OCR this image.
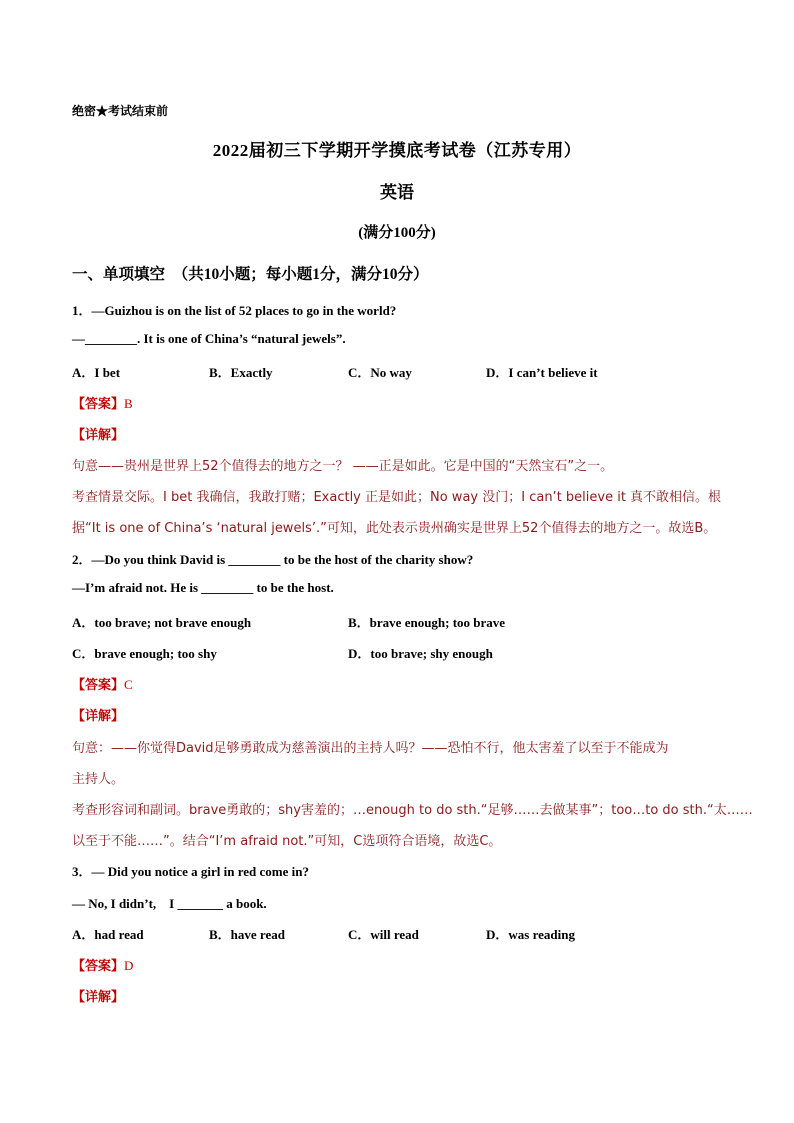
绝密★考试结束前
2022届初三下学期开学摸底考试卷（江苏专用）
英语
(满分100分)
一、单项填空　（共10小题；每小题1分，满分10分）
1．—Guizhou is on the list of 52 places to go in the world?
—________. It is one of China’s “natural jewels”.
A．I bet	B．Exactly	C．No way	D．I can’t believe it
【答案】B
【详解】
句意——贵州是世界上52个值得去的地方之一？ ——正是如此。它是中国的“天然宝石”之一。
考查情景交际。I bet 我确信，我敢打赌；Exactly 正是如此；No way 没门；I can’t believe it 真不敢相信。根
据“It is one of China’s ‘natural jewels’.”可知，此处表示贵州确实是世界上52个值得去的地方之一。故选B。
2．—Do you think David is ________ to be the host of the charity show?
—I’m afraid not. He is ________ to be the host.
A．too brave; not brave enough	B．brave enough; too brave
C．brave enough; too shy	D．too brave; shy enough
【答案】C
【详解】
句意：——你觉得David足够勇敢成为慈善演出的主持人吗？——恐怕不行，他太害羞了以至于不能成为
主持人。
考查形容词和副词。brave勇敢的；shy害羞的；…enough to do sth.“足够……去做某事”；too…to do sth.“太……
以至于不能……”。结合“I’m afraid not.”可知，C选项符合语境，故选C。
3．— Did you notice a girl in red come in?
— No, I didn’t,　I _______ a book.
A．had read	B．have read	C．will read	D．was reading
【答案】D
【详解】
